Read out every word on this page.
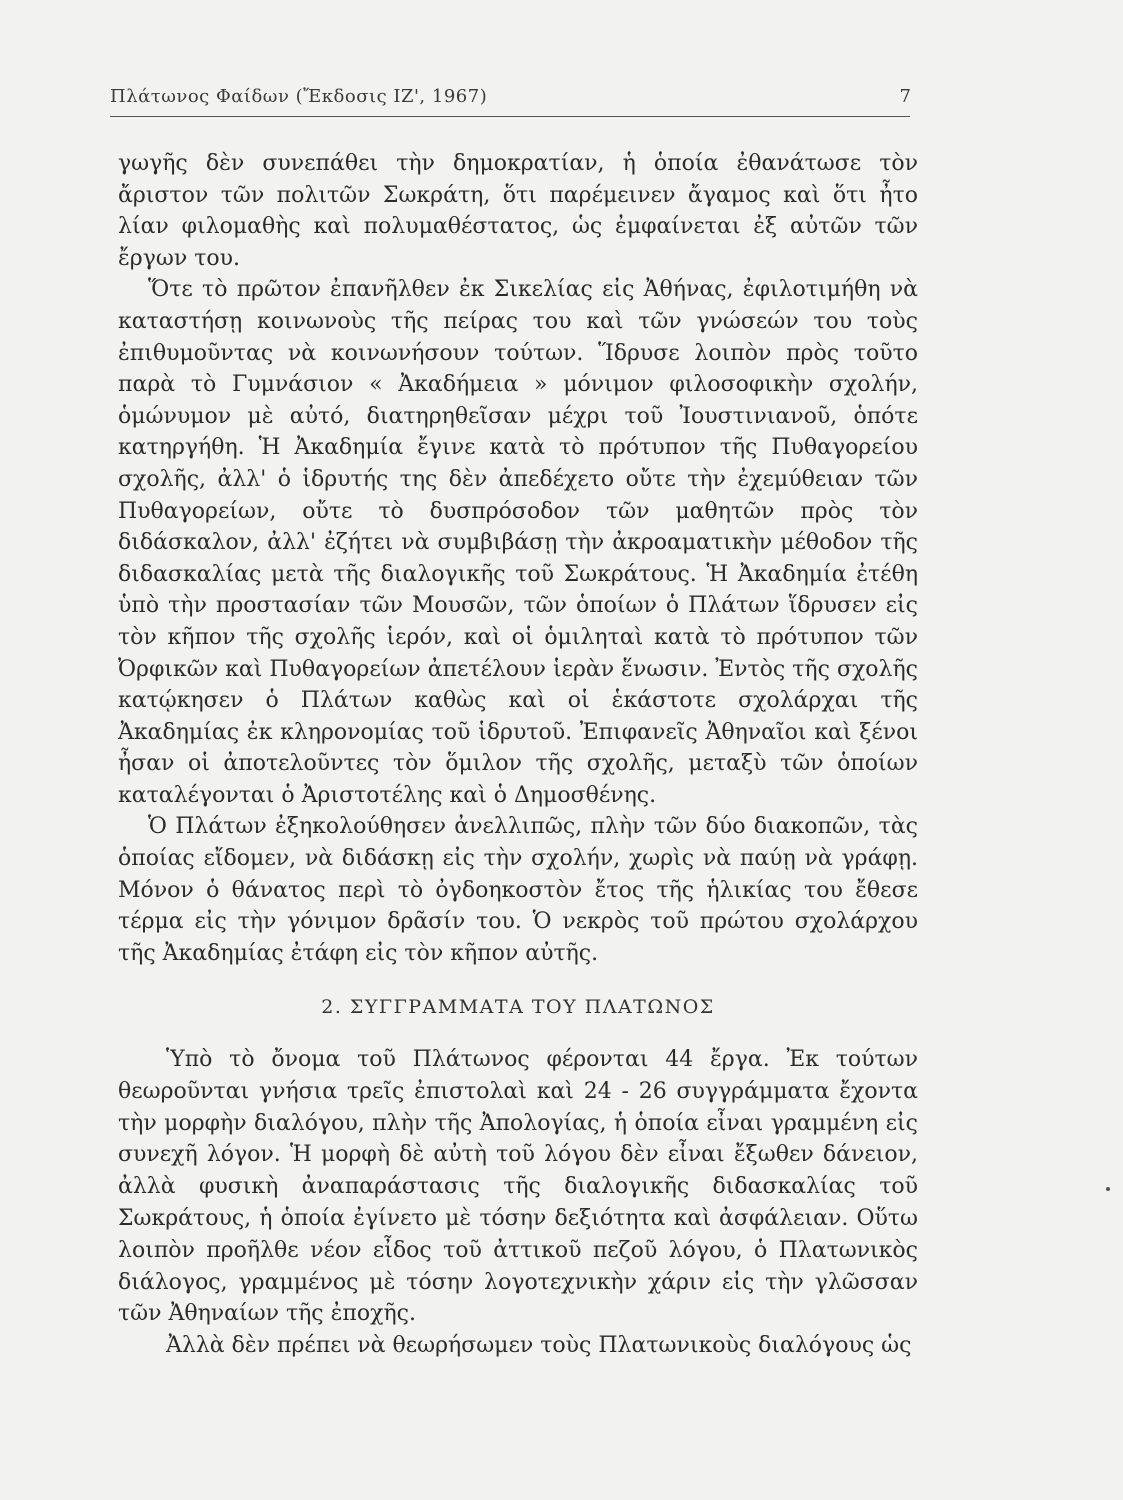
Πλάτωνος Φαίδων (Ἔκδοσις ΙΖ', 1967)	7

γωγῆς δὲν συνεπάθει τὴν δημοκρατίαν, ἡ ὁποία ἐθανάτωσε τὸν ἄριστον τῶν πολιτῶν Σωκράτη, ὅτι παρέμεινεν ἄγαμος καὶ ὅτι ἦτο λίαν φιλομαθὴς καὶ πολυμαθέστατος, ὡς ἐμφαίνεται ἐξ αὐτῶν τῶν ἔργων του.

Ὅτε τὸ πρῶτον ἐπανῆλθεν ἐκ Σικελίας εἰς Ἀθήνας, ἐφιλοτιμήθη νὰ καταστήσῃ κοινωνοὺς τῆς πείρας του καὶ τῶν γνώσεών του τοὺς ἐπιθυμοῦντας νὰ κοινωνήσουν τούτων. Ἵδρυσε λοιπὸν πρὸς τοῦτο παρὰ τὸ Γυμνάσιον « Ἀκαδήμεια » μόνιμον φιλοσοφικὴν σχολήν, ὁμώνυμον μὲ αὐτό, διατηρηθεῖσαν μέχρι τοῦ Ἰουστινιανοῦ, ὁπότε κατηργήθη. Ἡ Ἀκαδημία ἔγινε κατὰ τὸ πρότυπον τῆς Πυθαγορείου σχολῆς, ἀλλ' ὁ ἱδρυτής της δὲν ἀπεδέχετο οὔτε τὴν ἐχεμύθειαν τῶν Πυθαγορείων, οὔτε τὸ δυσπρόσοδον τῶν μαθητῶν πρὸς τὸν διδάσκαλον, ἀλλ' ἐζήτει νὰ συμβιβάσῃ τὴν ἀκροαματικὴν μέθοδον τῆς διδασκαλίας μετὰ τῆς διαλογικῆς τοῦ Σωκράτους. Ἡ Ἀκαδημία ἐτέθη ὑπὸ τὴν προστασίαν τῶν Μουσῶν, τῶν ὁποίων ὁ Πλάτων ἵδρυσεν εἰς τὸν κῆπον τῆς σχολῆς ἱερόν, καὶ οἱ ὁμιληταὶ κατὰ τὸ πρότυπον τῶν Ὀρφικῶν καὶ Πυθαγορείων ἀπετέλουν ἱερὰν ἕνωσιν. Ἐντὸς τῆς σχολῆς κατῴκησεν ὁ Πλάτων καθὼς καὶ οἱ ἑκάστοτε σχολάρχαι τῆς Ἀκαδημίας ἐκ κληρονομίας τοῦ ἱδρυτοῦ. Ἐπιφανεῖς Ἀθηναῖοι καὶ ξένοι ἦσαν οἱ ἀποτελοῦντες τὸν ὅμιλον τῆς σχολῆς, μεταξὺ τῶν ὁποίων καταλέγονται ὁ Ἀριστοτέλης καὶ ὁ Δημοσθένης.

Ὁ Πλάτων ἐξηκολούθησεν ἀνελλιπῶς, πλὴν τῶν δύο διακοπῶν, τὰς ὁποίας εἴδομεν, νὰ διδάσκῃ εἰς τὴν σχολήν, χωρὶς νὰ παύῃ νὰ γράφῃ. Μόνον ὁ θάνατος περὶ τὸ ὀγδοηκοστὸν ἔτος τῆς ἡλικίας του ἔθεσε τέρμα εἰς τὴν γόνιμον δρᾶσίν του. Ὁ νεκρὸς τοῦ πρώτου σχολάρχου τῆς Ἀκαδημίας ἐτάφη εἰς τὸν κῆπον αὐτῆς.

2. ΣΥΓΓΡΑΜΜΑΤΑ ΤΟΥ ΠΛΑΤΩΝΟΣ

Ὑπὸ τὸ ὄνομα τοῦ Πλάτωνος φέρονται 44 ἔργα. Ἐκ τούτων θεωροῦνται γνήσια τρεῖς ἐπιστολαὶ καὶ 24 - 26 συγγράμματα ἔχοντα τὴν μορφὴν διαλόγου, πλὴν τῆς Ἀπολογίας, ἡ ὁποία εἶναι γραμμένη εἰς συνεχῆ λόγον. Ἡ μορφὴ δὲ αὐτὴ τοῦ λόγου δὲν εἶναι ἔξωθεν δάνειον, ἀλλὰ φυσικὴ ἀναπαράστασις τῆς διαλογικῆς διδασκαλίας τοῦ Σωκράτους, ἡ ὁποία ἐγίνετο μὲ τόσην δεξιότητα καὶ ἀσφάλειαν. Οὕτω λοιπὸν προῆλθε νέον εἶδος τοῦ ἀττικοῦ πεζοῦ λόγου, ὁ Πλατωνικὸς διάλογος, γραμμένος μὲ τόσην λογοτεχνικὴν χάριν εἰς τὴν γλῶσσαν τῶν Ἀθηναίων τῆς ἐποχῆς.

Ἀλλὰ δὲν πρέπει νὰ θεωρήσωμεν τοὺς Πλατωνικοὺς διαλόγους ὡς
